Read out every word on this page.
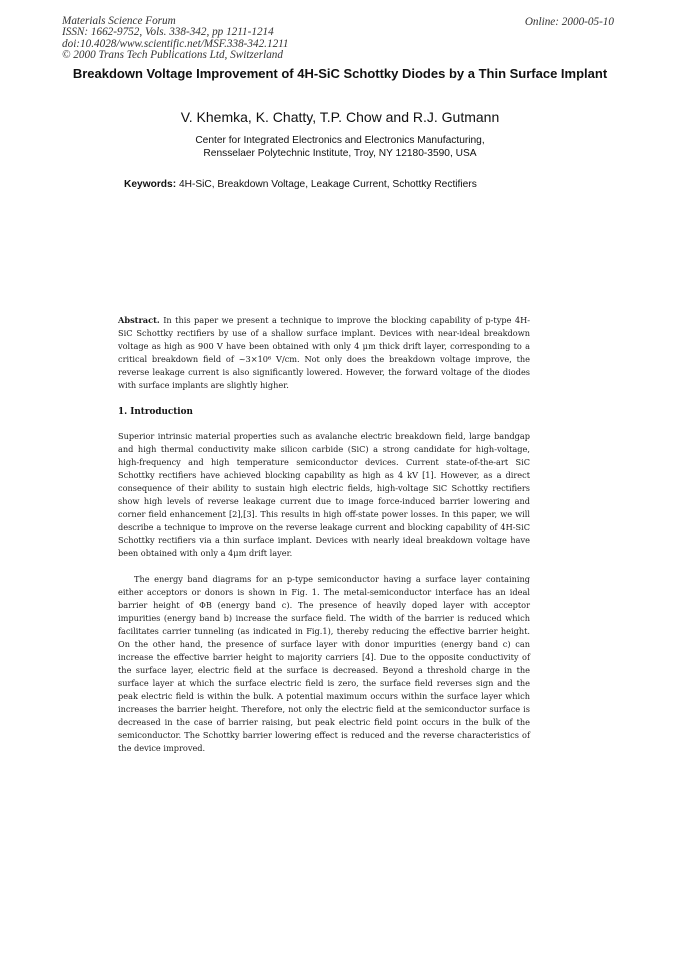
Materials Science Forum
ISSN: 1662-9752, Vols. 338-342, pp 1211-1214
doi:10.4028/www.scientific.net/MSF.338-342.1211
© 2000 Trans Tech Publications Ltd, Switzerland
Online: 2000-05-10
Breakdown Voltage Improvement of 4H-SiC Schottky Diodes by a Thin Surface Implant
V. Khemka, K. Chatty, T.P. Chow and R.J. Gutmann
Center for Integrated Electronics and Electronics Manufacturing,
Rensselaer Polytechnic Institute, Troy, NY 12180-3590, USA
Keywords: 4H-SiC, Breakdown Voltage, Leakage Current, Schottky Rectifiers
Abstract. In this paper we present a technique to improve the blocking capability of p-type 4H-SiC Schottky rectifiers by use of a shallow surface implant. Devices with near-ideal breakdown voltage as high as 900 V have been obtained with only 4 μm thick drift layer, corresponding to a critical breakdown field of ~3×10⁶ V/cm. Not only does the breakdown voltage improve, the reverse leakage current is also significantly lowered. However, the forward voltage of the diodes with surface implants are slightly higher.
1. Introduction
Superior intrinsic material properties such as avalanche electric breakdown field, large bandgap and high thermal conductivity make silicon carbide (SiC) a strong candidate for high-voltage, high-frequency and high temperature semiconductor devices. Current state-of-the-art SiC Schottky rectifiers have achieved blocking capability as high as 4 kV [1]. However, as a direct consequence of their ability to sustain high electric fields, high-voltage SiC Schottky rectifiers show high levels of reverse leakage current due to image force-induced barrier lowering and corner field enhancement [2],[3]. This results in high off-state power losses. In this paper, we will describe a technique to improve on the reverse leakage current and blocking capability of 4H-SiC Schottky rectifiers via a thin surface implant. Devices with nearly ideal breakdown voltage have been obtained with only a 4μm drift layer.
The energy band diagrams for an p-type semiconductor having a surface layer containing either acceptors or donors is shown in Fig. 1. The metal-semiconductor interface has an ideal barrier height of ΦB (energy band c). The presence of heavily doped layer with acceptor impurities (energy band b) increase the surface field. The width of the barrier is reduced which facilitates carrier tunneling (as indicated in Fig.1), thereby reducing the effective barrier height. On the other hand, the presence of surface layer with donor impurities (energy band c) can increase the effective barrier height to majority carriers [4]. Due to the opposite conductivity of the surface layer, electric field at the surface is decreased. Beyond a threshold charge in the surface layer at which the surface electric field is zero, the surface field reverses sign and the peak electric field is within the bulk. A potential maximum occurs within the surface layer which increases the barrier height. Therefore, not only the electric field at the semiconductor surface is decreased in the case of barrier raising, but peak electric field point occurs in the bulk of the semiconductor. The Schottky barrier lowering effect is reduced and the reverse characteristics of the device improved.
